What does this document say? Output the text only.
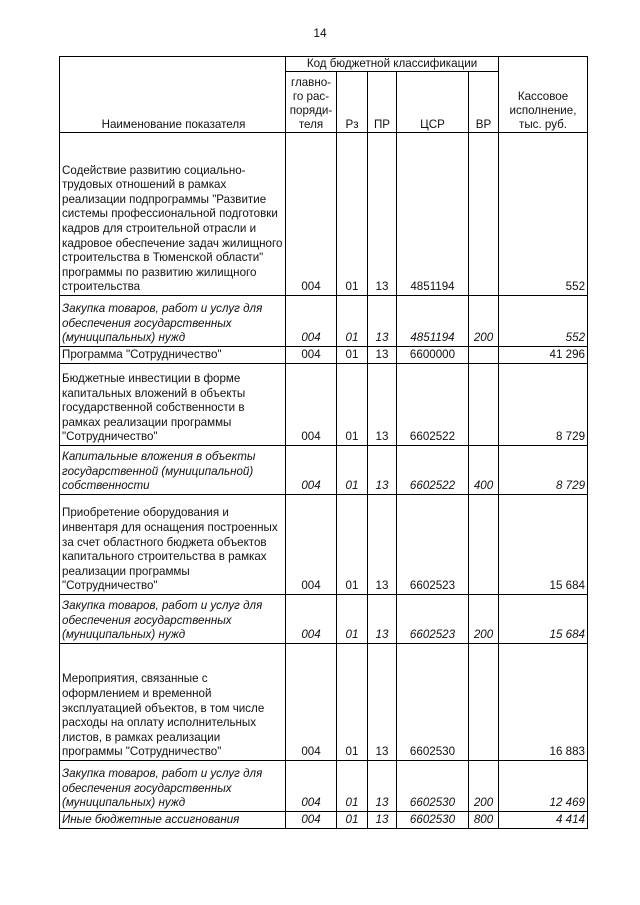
14
Наименование показателя	Код бюджетной классификации					Кассовое исполнение, тыс. руб.
	главно-го рас-поряди-теля	Рз	ПР	ЦСР	ВР	
Содействие развитию социально-трудовых отношений в рамках реализации подпрограммы "Развитие системы профессиональной подготовки кадров для строительной отрасли и кадровое обеспечение задач жилищного строительства в Тюменской области" программы по развитию жилищного строительства	004	01	13	4851194		552
Закупка товаров, работ и услуг для обеспечения государственных (муниципальных) нужд	004	01	13	4851194	200	552
Программа "Сотрудничество"	004	01	13	6600000		41 296
Бюджетные инвестиции в форме капитальных вложений в объекты государственной собственности в рамках реализации программы "Сотрудничество"	004	01	13	6602522		8 729
Капитальные вложения в объекты государственной (муниципальной) собственности	004	01	13	6602522	400	8 729
Приобретение оборудования и инвентаря для оснащения построенных за счет областного бюджета объектов капитального строительства в рамках реализации программы "Сотрудничество"	004	01	13	6602523		15 684
Закупка товаров, работ и услуг для обеспечения государственных (муниципальных) нужд	004	01	13	6602523	200	15 684
Мероприятия, связанные с оформлением и временной эксплуатацией объектов, в том числе расходы на оплату исполнительных листов, в рамках реализации программы "Сотрудничество"	004	01	13	6602530		16 883
Закупка товаров, работ и услуг для обеспечения государственных (муниципальных) нужд	004	01	13	6602530	200	12 469
Иные бюджетные ассигнования	004	01	13	6602530	800	4 414
